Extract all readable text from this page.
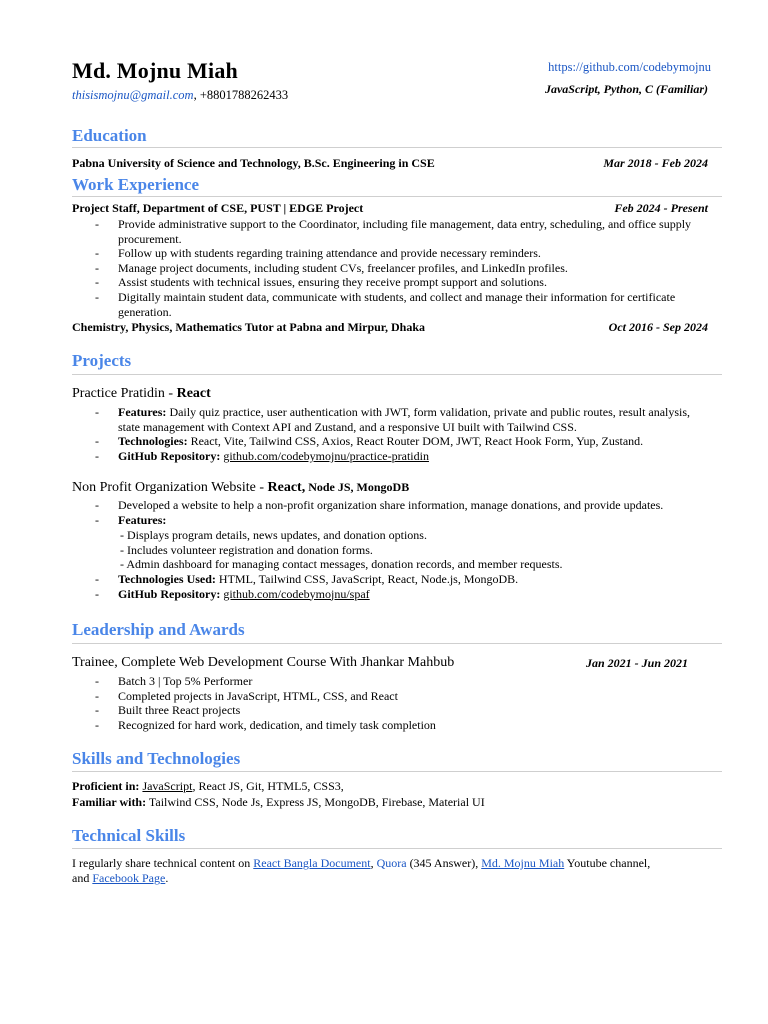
Md. Mojnu Miah
thisismojnu@gmail.com, +8801788262433
https://github.com/codebymojnu
JavaScript, Python, C (Familiar)
Education
Pabna University of Science and Technology, B.Sc. Engineering in CSE	Mar 2018 - Feb 2024
Work Experience
Project Staff, Department of CSE, PUST | EDGE Project	Feb 2024 - Present
- Provide administrative support to the Coordinator, including file management, data entry, scheduling, and office supply procurement.
- Follow up with students regarding training attendance and provide necessary reminders.
- Manage project documents, including student CVs, freelancer profiles, and LinkedIn profiles.
- Assist students with technical issues, ensuring they receive prompt support and solutions.
- Digitally maintain student data, communicate with students, and collect and manage their information for certificate generation.
Chemistry, Physics, Mathematics Tutor at Pabna and Mirpur, Dhaka	Oct 2016 - Sep 2024
Projects
Practice Pratidin - React
- Features: Daily quiz practice, user authentication with JWT, form validation, private and public routes, result analysis, state management with Context API and Zustand, and a responsive UI built with Tailwind CSS.
- Technologies: React, Vite, Tailwind CSS, Axios, React Router DOM, JWT, React Hook Form, Yup, Zustand.
- GitHub Repository: github.com/codebymojnu/practice-pratidin
Non Profit Organization Website - React, Node JS, MongoDB
- Developed a website to help a non-profit organization share information, manage donations, and provide updates.
- Features:
- Displays program details, news updates, and donation options.
- Includes volunteer registration and donation forms.
- Admin dashboard for managing contact messages, donation records, and member requests.
- Technologies Used: HTML, Tailwind CSS, JavaScript, React, Node.js, MongoDB.
- GitHub Repository: github.com/codebymojnu/spaf
Leadership and Awards
Trainee, Complete Web Development Course With Jhankar Mahbub	Jan 2021 - Jun 2021
- Batch 3 | Top 5% Performer
- Completed projects in JavaScript, HTML, CSS, and React
- Built three React projects
- Recognized for hard work, dedication, and timely task completion
Skills and Technologies
Proficient in: JavaScript, React JS, Git, HTML5, CSS3,
Familiar with: Tailwind CSS, Node Js, Express JS, MongoDB, Firebase, Material UI
Technical Skills
I regularly share technical content on React Bangla Document, Quora (345 Answer), Md. Mojnu Miah Youtube channel,
and Facebook Page.
